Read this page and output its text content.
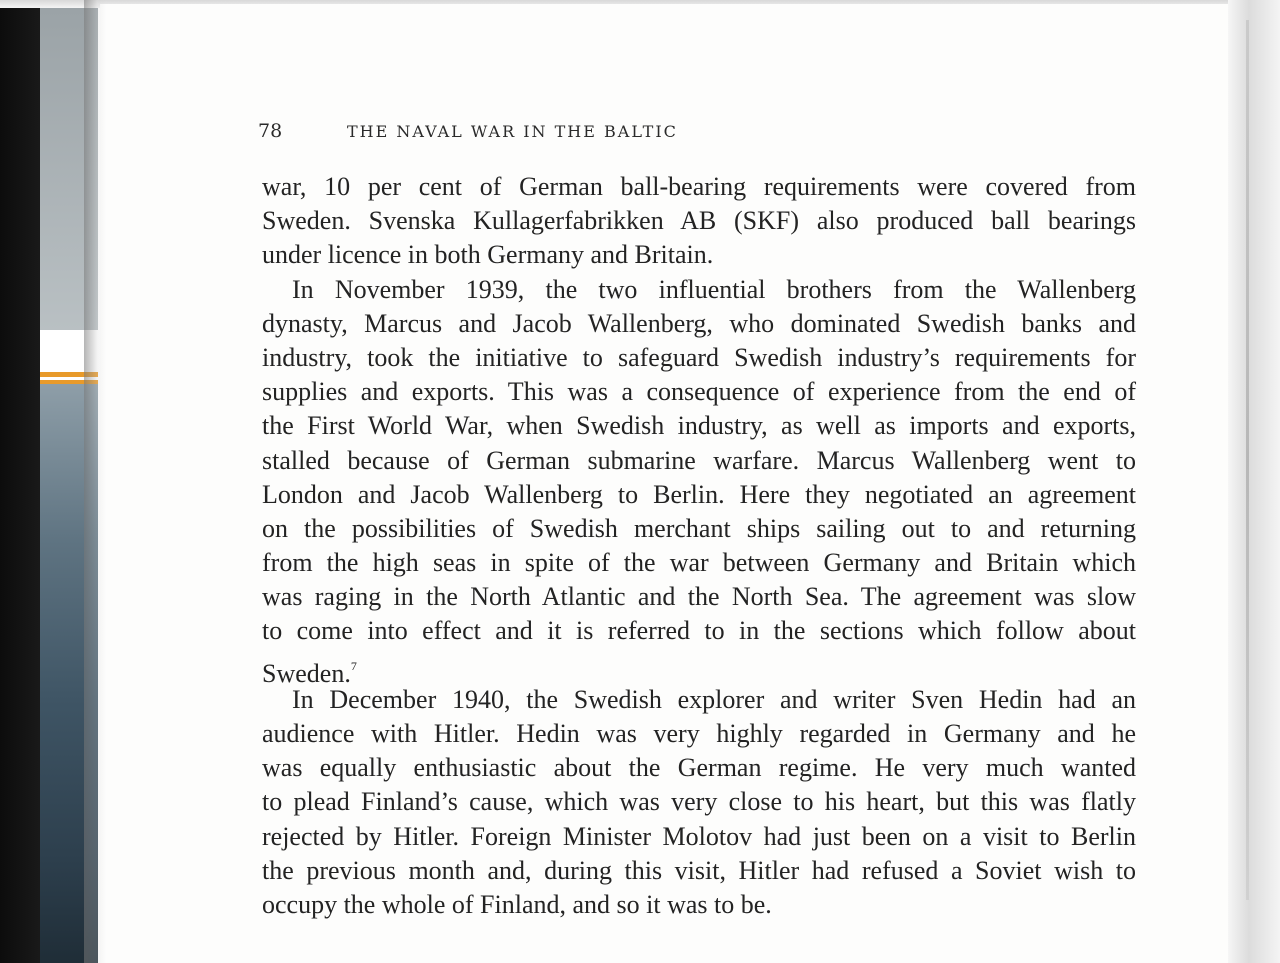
78	THE NAVAL WAR IN THE BALTIC

war, 10 per cent of German ball-bearing requirements were covered from
Sweden. Svenska Kullagerfabrikken AB (SKF) also produced ball bearings
under licence in both Germany and Britain.

In November 1939, the two influential brothers from the Wallenberg
dynasty, Marcus and Jacob Wallenberg, who dominated Swedish banks and
industry, took the initiative to safeguard Swedish industry’s requirements for
supplies and exports. This was a consequence of experience from the end of
the First World War, when Swedish industry, as well as imports and exports,
stalled because of German submarine warfare. Marcus Wallenberg went to
London and Jacob Wallenberg to Berlin. Here they negotiated an agreement
on the possibilities of Swedish merchant ships sailing out to and returning
from the high seas in spite of the war between Germany and Britain which
was raging in the North Atlantic and the North Sea. The agreement was slow
to come into effect and it is referred to in the sections which follow about
Sweden.$^7$

In December 1940, the Swedish explorer and writer Sven Hedin had an
audience with Hitler. Hedin was very highly regarded in Germany and he
was equally enthusiastic about the German regime. He very much wanted
to plead Finland’s cause, which was very close to his heart, but this was flatly
rejected by Hitler. Foreign Minister Molotov had just been on a visit to Berlin
the previous month and, during this visit, Hitler had refused a Soviet wish to
occupy the whole of Finland, and so it was to be.
